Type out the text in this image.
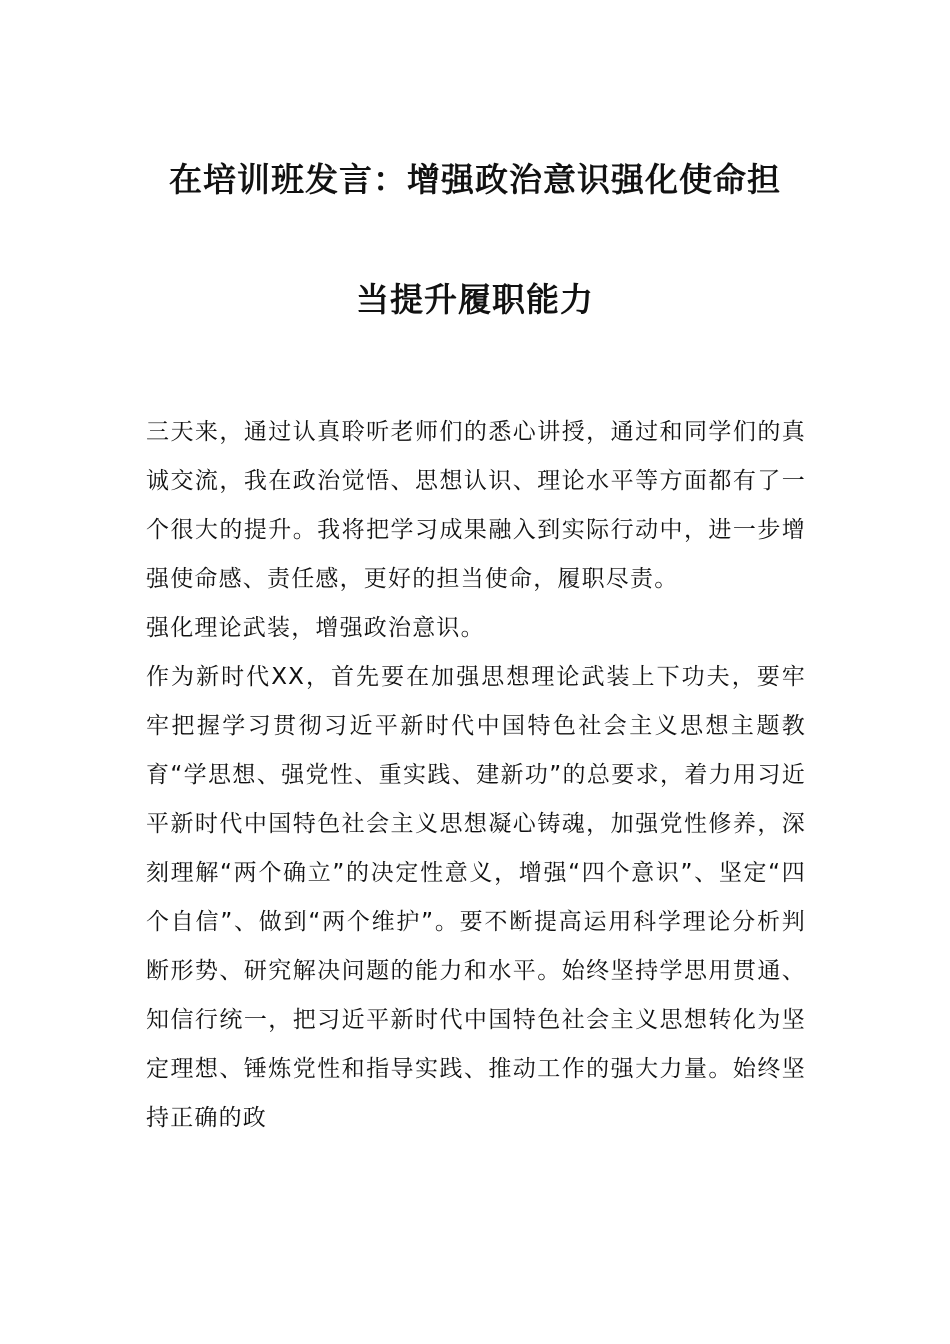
在培训班发言：增强政治意识强化使命担
当提升履职能力

三天来，通过认真聆听老师们的悉心讲授，通过和同学们的真诚交流，我在政治觉悟、思想认识、理论水平等方面都有了一个很大的提升。我将把学习成果融入到实际行动中，进一步增强使命感、责任感，更好的担当使命，履职尽责。

强化理论武装，增强政治意识。

作为新时代XX，首先要在加强思想理论武装上下功夫，要牢牢把握学习贯彻习近平新时代中国特色社会主义思想主题教育“学思想、强党性、重实践、建新功”的总要求，着力用习近平新时代中国特色社会主义思想凝心铸魂，加强党性修养，深刻理解“两个确立”的决定性意义，增强“四个意识”、坚定“四个自信”、做到“两个维护”。要不断提高运用科学理论分析判断形势、研究解决问题的能力和水平。始终坚持学思用贯通、知信行统一，把习近平新时代中国特色社会主义思想转化为坚定理想、锤炼党性和指导实践、推动工作的强大力量。始终坚持正确的政
